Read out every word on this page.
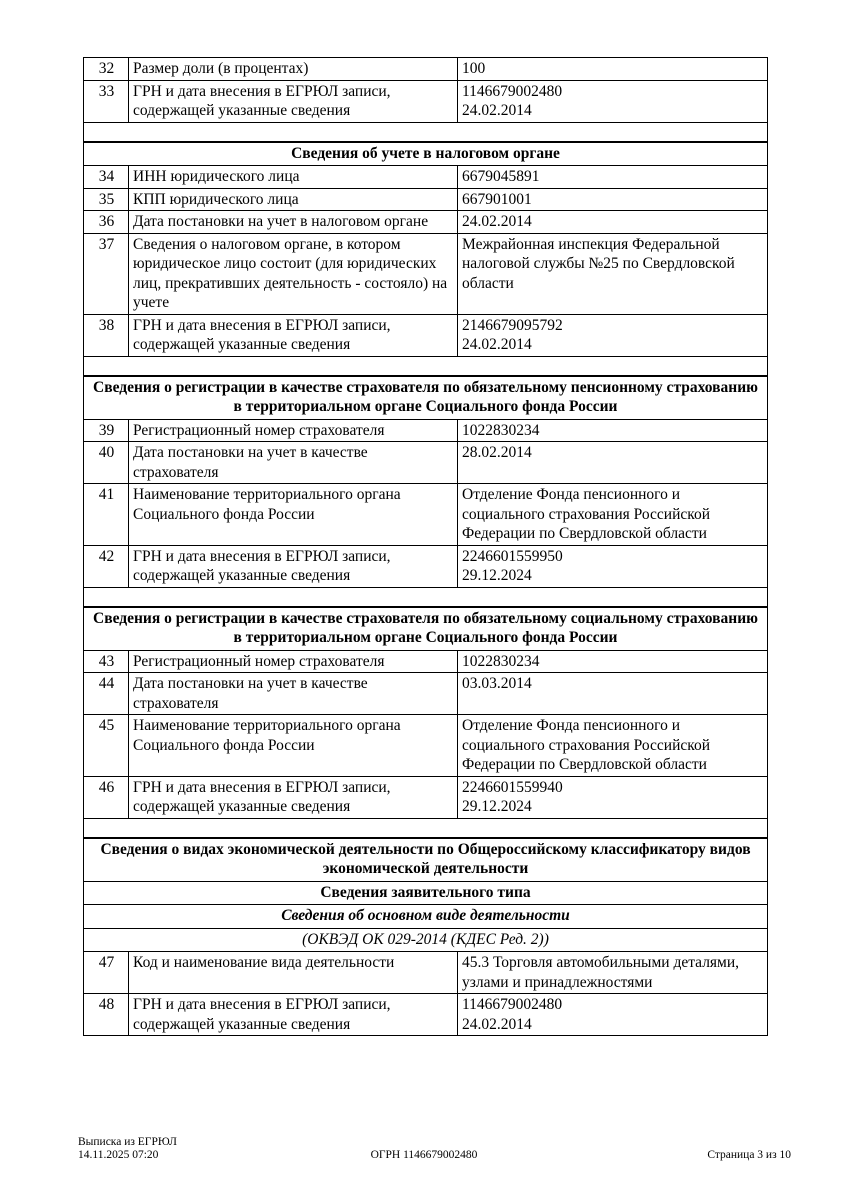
32	Размер доли (в процентах)	100
33	ГРН и дата внесения в ЕГРЮЛ записи, содержащей указанные сведения	1146679002480
24.02.2014

Сведения об учете в налоговом органе		
34	ИНН юридического лица	6679045891
35	КПП юридического лица	667901001
36	Дата постановки на учет в налоговом органе	24.02.2014
37	Сведения о налоговом органе, в котором юридическое лицо состоит (для юридических лиц, прекративших деятельность - состояло) на учете	Межрайонная инспекция Федеральной налоговой службы №25 по Свердловской области
38	ГРН и дата внесения в ЕГРЮЛ записи, содержащей указанные сведения	2146679095792
24.02.2014

Сведения о регистрации в качестве страхователя по обязательному пенсионному страхованию в территориальном органе Социального фонда России		
39	Регистрационный номер страхователя	1022830234
40	Дата постановки на учет в качестве страхователя	28.02.2014
41	Наименование территориального органа Социального фонда России	Отделение Фонда пенсионного и социального страхования Российской Федерации по Свердловской области
42	ГРН и дата внесения в ЕГРЮЛ записи, содержащей указанные сведения	2246601559950
29.12.2024

Сведения о регистрации в качестве страхователя по обязательному социальному страхованию в территориальном органе Социального фонда России		
43	Регистрационный номер страхователя	1022830234
44	Дата постановки на учет в качестве страхователя	03.03.2014
45	Наименование территориального органа Социального фонда России	Отделение Фонда пенсионного и социального страхования Российской Федерации по Свердловской области
46	ГРН и дата внесения в ЕГРЮЛ записи, содержащей указанные сведения	2246601559940
29.12.2024

Сведения о видах экономической деятельности по Общероссийскому классификатору видов экономической деятельности		
Сведения заявительного типа		
Сведения об основном виде деятельности		
(ОКВЭД ОК 029-2014 (КДЕС Ред. 2))		
47	Код и наименование вида деятельности	45.3 Торговля автомобильными деталями, узлами и принадлежностями
48	ГРН и дата внесения в ЕГРЮЛ записи, содержащей указанные сведения	1146679002480
24.02.2014
Выписка из ЕГРЮЛ
14.11.2025 07:20	ОГРН 1146679002480	Страница 3 из 10
